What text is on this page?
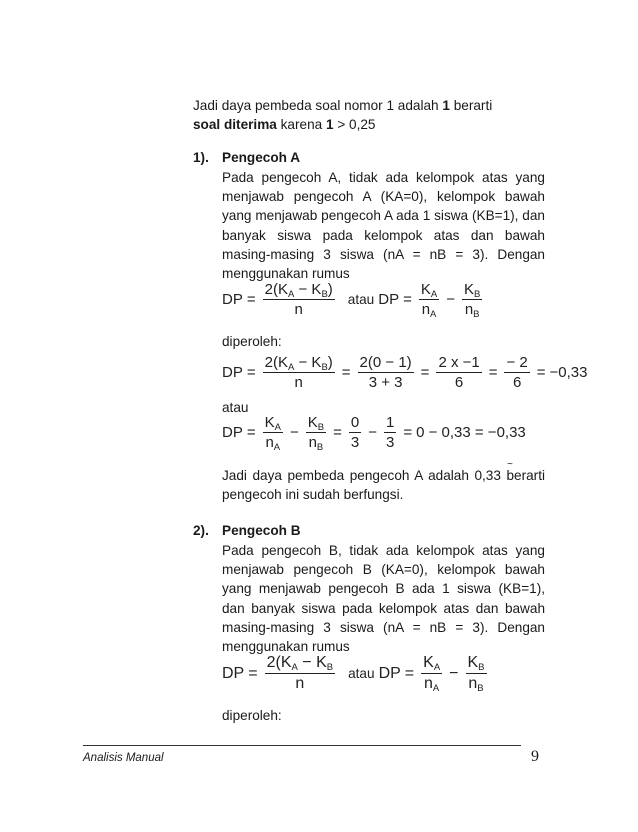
Jadi daya pembeda soal nomor 1 adalah 1 berarti
soal diterima karena 1 > 0,25
1). Pengecoh A
Pada pengecoh A, tidak ada kelompok atas yang menjawab pengecoh A (KA=0), kelompok bawah yang menjawab pengecoh A ada 1 siswa (KB=1), dan banyak siswa pada kelompok atas dan bawah masing-masing 3 siswa (nA = nB = 3). Dengan menggunakan rumus
DP = $\frac{2(K_A - K_B)}{n}$ atau DP = $\frac{K_A}{n_A} - \frac{K_B}{n_B}$
diperoleh:
DP = $\frac{2(K_A - K_B)}{n} = \frac{2(0 - 1)}{3 + 3} = \frac{2 x -1}{6} = \frac{- 2}{6} = -0,33$
atau
DP = $\frac{K_A}{n_A} - \frac{K_B}{n_B} = \frac{0}{3} - \frac{1}{3} = 0 - 0,33 = -0,33$
Jadi daya pembeda pengecoh A adalah 0,33 berarti pengecoh ini sudah berfungsi.
~
2). Pengecoh B
Pada pengecoh B, tidak ada kelompok atas yang menjawab pengecoh B (KA=0), kelompok bawah yang menjawab pengecoh B ada 1 siswa (KB=1), dan banyak siswa pada kelompok atas dan bawah masing-masing 3 siswa (nA = nB = 3). Dengan menggunakan rumus
DP = $\frac{2(KA - KB}{n}$ atau DP = $\frac{KA}{nA} - \frac{KB}{nB}$
diperoleh:
Analisis Manual	9
